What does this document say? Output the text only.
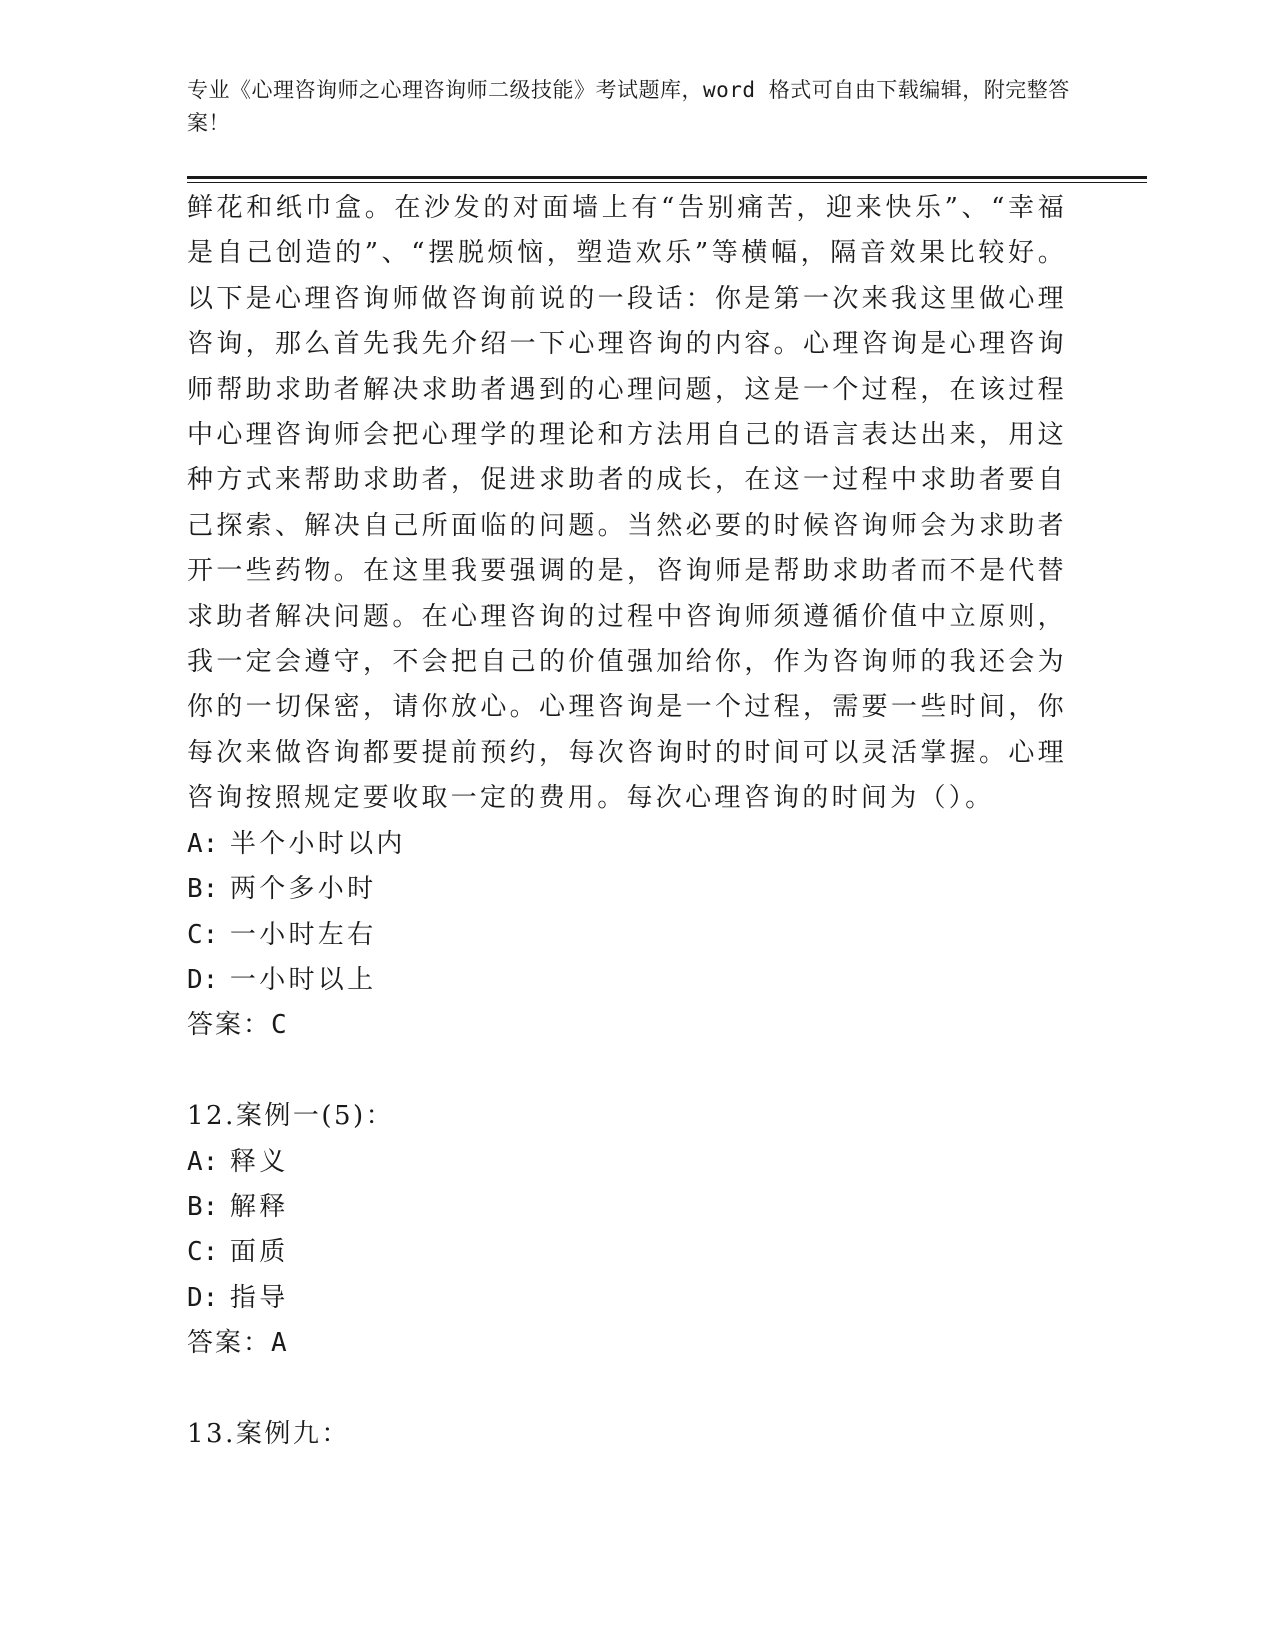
专业《心理咨询师之心理咨询师二级技能》考试题库，word 格式可自由下载编辑，附完整答案！

鲜花和纸巾盒。在沙发的对面墙上有“告别痛苦，迎来快乐”、“幸福是自己创造的”、“摆脱烦恼，塑造欢乐”等横幅，隔音效果比较好。以下是心理咨询师做咨询前说的一段话：你是第一次来我这里做心理咨询，那么首先我先介绍一下心理咨询的内容。心理咨询是心理咨询师帮助求助者解决求助者遇到的心理问题，这是一个过程，在该过程中心理咨询师会把心理学的理论和方法用自己的语言表达出来，用这种方式来帮助求助者，促进求助者的成长，在这一过程中求助者要自己探索、解决自己所面临的问题。当然必要的时候咨询师会为求助者开一些药物。在这里我要强调的是，咨询师是帮助求助者而不是代替求助者解决问题。在心理咨询的过程中咨询师须遵循价值中立原则，我一定会遵守，不会把自己的价值强加给你，作为咨询师的我还会为你的一切保密，请你放心。心理咨询是一个过程，需要一些时间，你每次来做咨询都要提前预约，每次咨询时的时间可以灵活掌握。心理咨询按照规定要收取一定的费用。每次心理咨询的时间为（）。

A: 半个小时以内

B: 两个多小时

C: 一小时左右

D: 一小时以上

答案：C

12.案例一(5)：

A: 释义

B: 解释

C: 面质

D: 指导

答案：A

13.案例九：
